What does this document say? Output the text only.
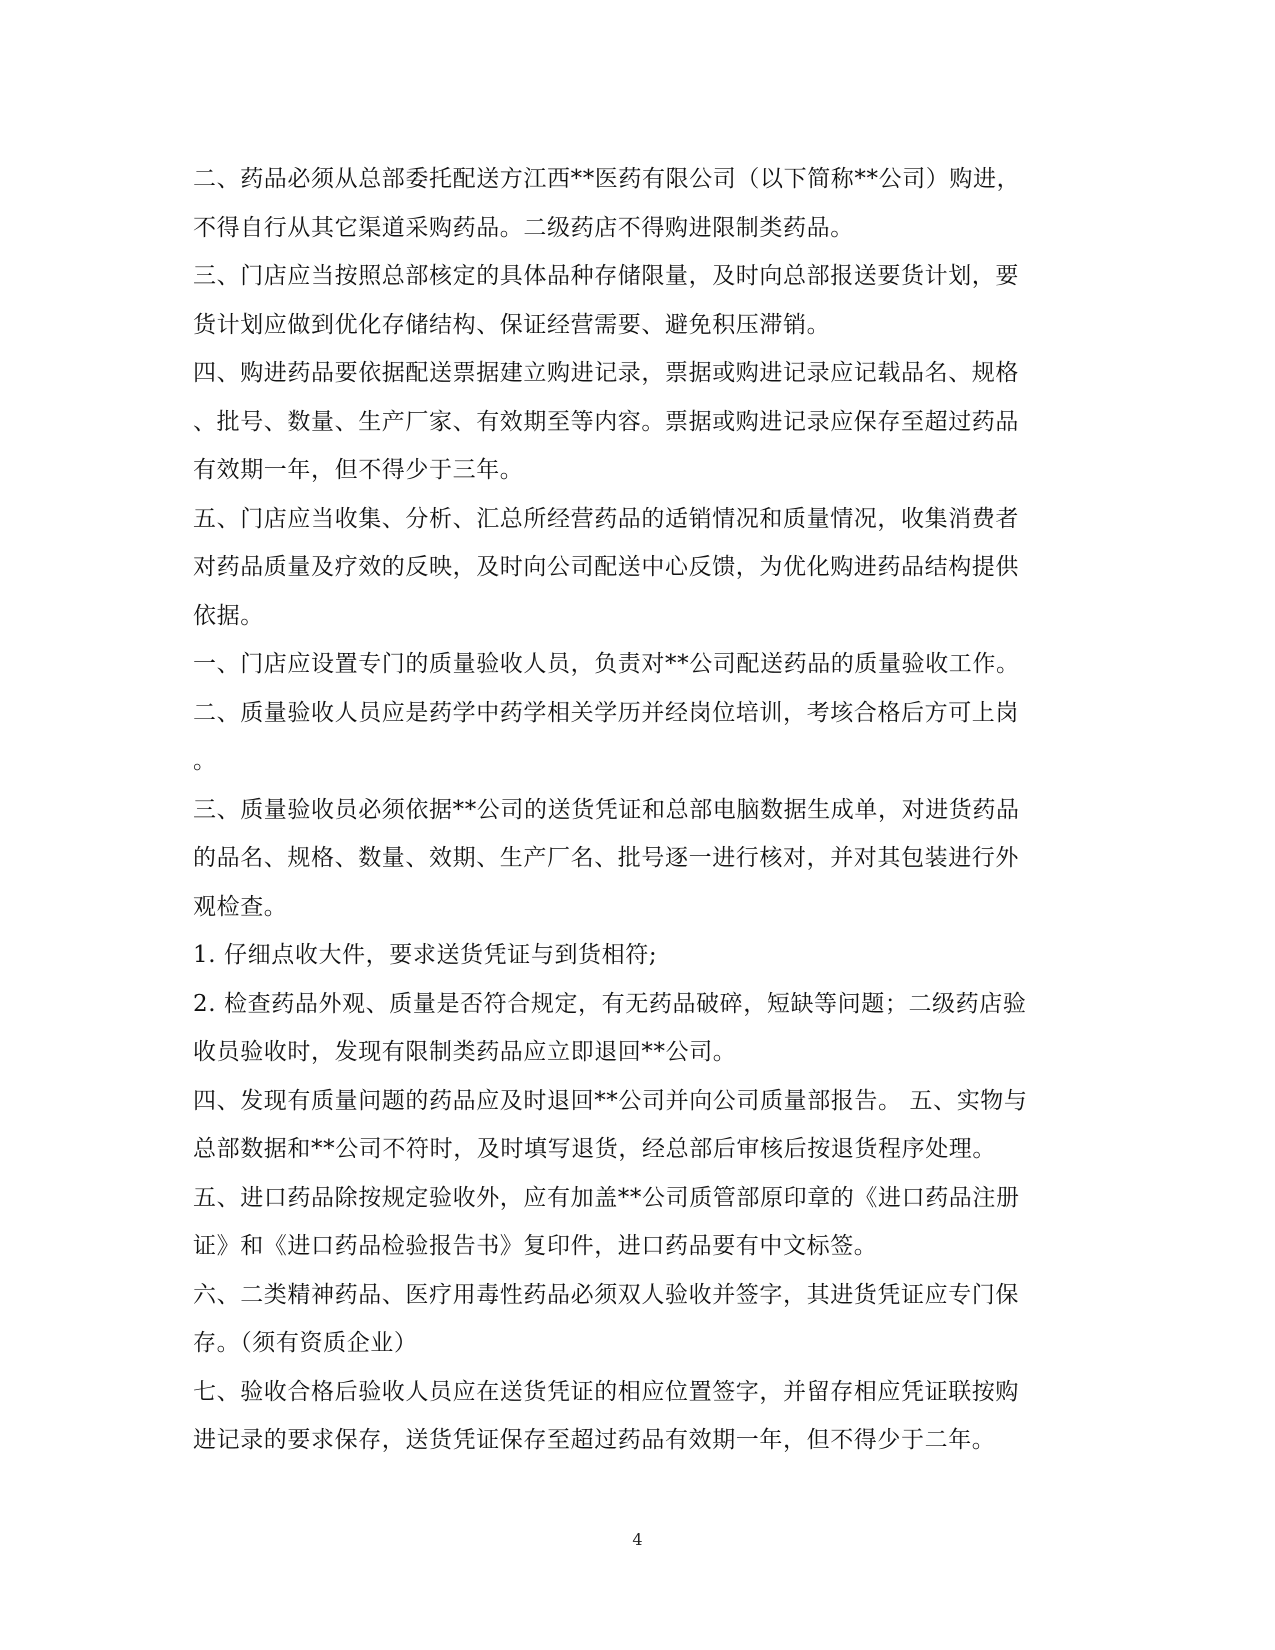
二、药品必须从总部委托配送方江西**医药有限公司（以下简称**公司）购进，
不得自行从其它渠道采购药品。二级药店不得购进限制类药品。
三、门店应当按照总部核定的具体品种存储限量，及时向总部报送要货计划，要
货计划应做到优化存储结构、保证经营需要、避免积压滞销。
四、购进药品要依据配送票据建立购进记录，票据或购进记录应记载品名、规格
、批号、数量、生产厂家、有效期至等内容。票据或购进记录应保存至超过药品
有效期一年，但不得少于三年。
五、门店应当收集、分析、汇总所经营药品的适销情况和质量情况，收集消费者
对药品质量及疗效的反映，及时向公司配送中心反馈，为优化购进药品结构提供
依据。
一、门店应设置专门的质量验收人员，负责对**公司配送药品的质量验收工作。
二、质量验收人员应是药学中药学相关学历并经岗位培训，考垓合格后方可上岗
。
三、质量验收员必须依据**公司的送货凭证和总部电脑数据生成单，对进货药品
的品名、规格、数量、效期、生产厂名、批号逐一进行核对，并对其包装进行外
观检查。
1. 仔细点收大件，要求送货凭证与到货相符;
2. 检查药品外观、质量是否符合规定，有无药品破碎，短缺等问题；二级药店验
收员验收时，发现有限制类药品应立即退回**公司。
四、发现有质量问题的药品应及时退回**公司并向公司质量部报告。 五、实物与
总部数据和**公司不符时，及时填写退货，经总部后审核后按退货程序处理。
五、进口药品除按规定验收外，应有加盖**公司质管部原印章的《进口药品注册
证》和《进口药品检验报告书》复印件，进口药品要有中文标签。
六、二类精神药品、医疗用毒性药品必须双人验收并签字，其进货凭证应专门保
存。（须有资质企业）
七、验收合格后验收人员应在送货凭证的相应位置签字，并留存相应凭证联按购
进记录的要求保存，送货凭证保存至超过药品有效期一年，但不得少于二年。
4
